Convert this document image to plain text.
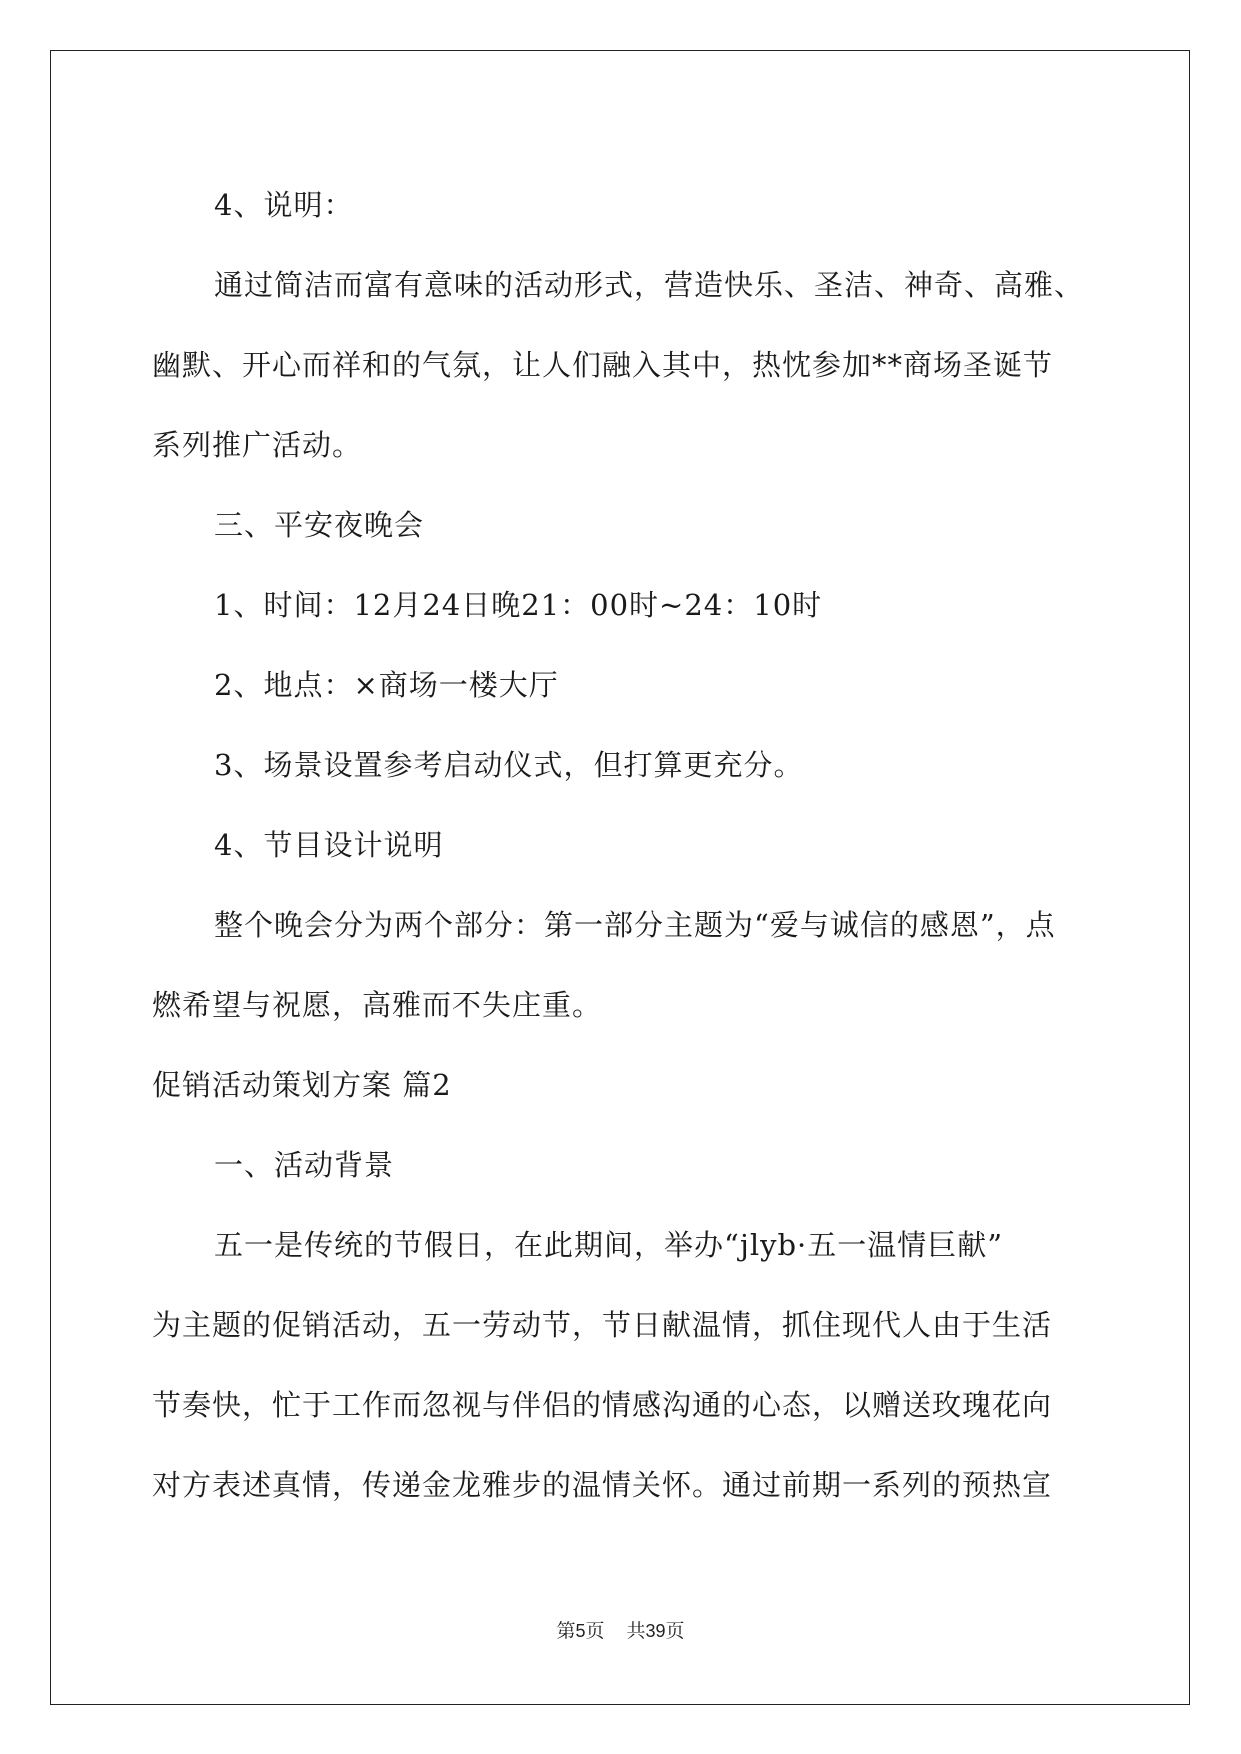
4、说明：
通过简洁而富有意味的活动形式，营造快乐、圣洁、神奇、高雅、
幽默、开心而祥和的气氛，让人们融入其中，热忱参加**商场圣诞节
系列推广活动。
三、平安夜晚会
1、时间：12月24日晚21：00时~24：10时
2、地点：×商场一楼大厅
3、场景设置参考启动仪式，但打算更充分。
4、节目设计说明
整个晚会分为两个部分：第一部分主题为“爱与诚信的感恩”，点
燃希望与祝愿，高雅而不失庄重。
促销活动策划方案 篇2
一、活动背景
五一是传统的节假日，在此期间，举办“jlyb·五一温情巨献”
为主题的促销活动，五一劳动节，节日献温情，抓住现代人由于生活
节奏快，忙于工作而忽视与伴侣的情感沟通的心态，以赠送玫瑰花向
对方表述真情，传递金龙雅步的温情关怀。通过前期一系列的预热宣
第5页 共39页
